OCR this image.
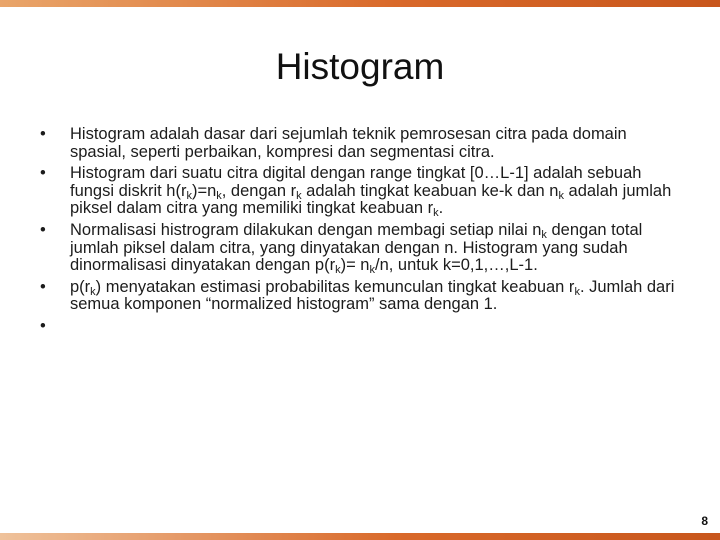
Histogram
•	Histogram adalah dasar dari sejumlah teknik pemrosesan citra pada domain spasial, seperti perbaikan, kompresi dan segmentasi citra.
•	Histogram dari suatu citra digital dengan range tingkat [0…L-1] adalah sebuah fungsi diskrit $h(r_k)=n_k$, dengan $r_k$ adalah tingkat keabuan ke-k dan $n_k$ adalah jumlah piksel dalam citra yang memiliki tingkat keabuan $r_k$.
•	Normalisasi histrogram dilakukan dengan membagi setiap nilai $n_k$ dengan total jumlah piksel dalam citra, yang dinyatakan dengan n. Histogram yang sudah dinormalisasi dinyatakan dengan $p(r_k)= n_k/n$, untuk k=0,1,…,L-1.
•	$p(r_k)$ menyatakan estimasi probabilitas kemunculan tingkat keabuan $r_k$. Jumlah dari semua komponen “normalized histogram” sama dengan 1.
•
8
